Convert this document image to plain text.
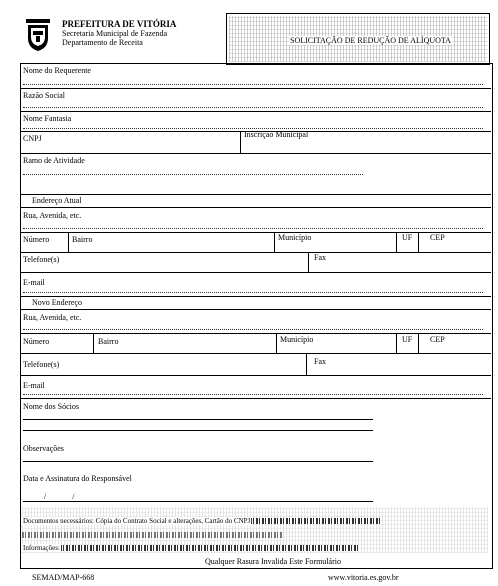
PREFEITURA DE VITÓRIA
Secretaria Municipal de Fazenda
Departamento de Receita	SOLICITAÇÃO DE REDUÇÃO DE ALÍQUOTA
Nome do Requerente
Razão Social
Nome Fantasia
CNPJ	Inscrição Municipal
Ramo de Atividade
Endereço Atual
Rua, Avenida, etc.
Número	Bairro	Município	UF CEP
Telefone(s)	Fax
E-mail
Novo Endereço
Rua, Avenida, etc.
Número	Bairro	Município	UF CEP
Telefone(s)	Fax
E-mail
Nome dos Sócios
Observações
Data e Assinatura do Responsável
/ /
Documentos necessários: Cópia do Contrato Social e alterações, Cartão do CNPJ
Informações:
Qualquer Rasura Invalida Este Formulário
SEMAD/MAP-668	www.vitoria.es.gov.br
